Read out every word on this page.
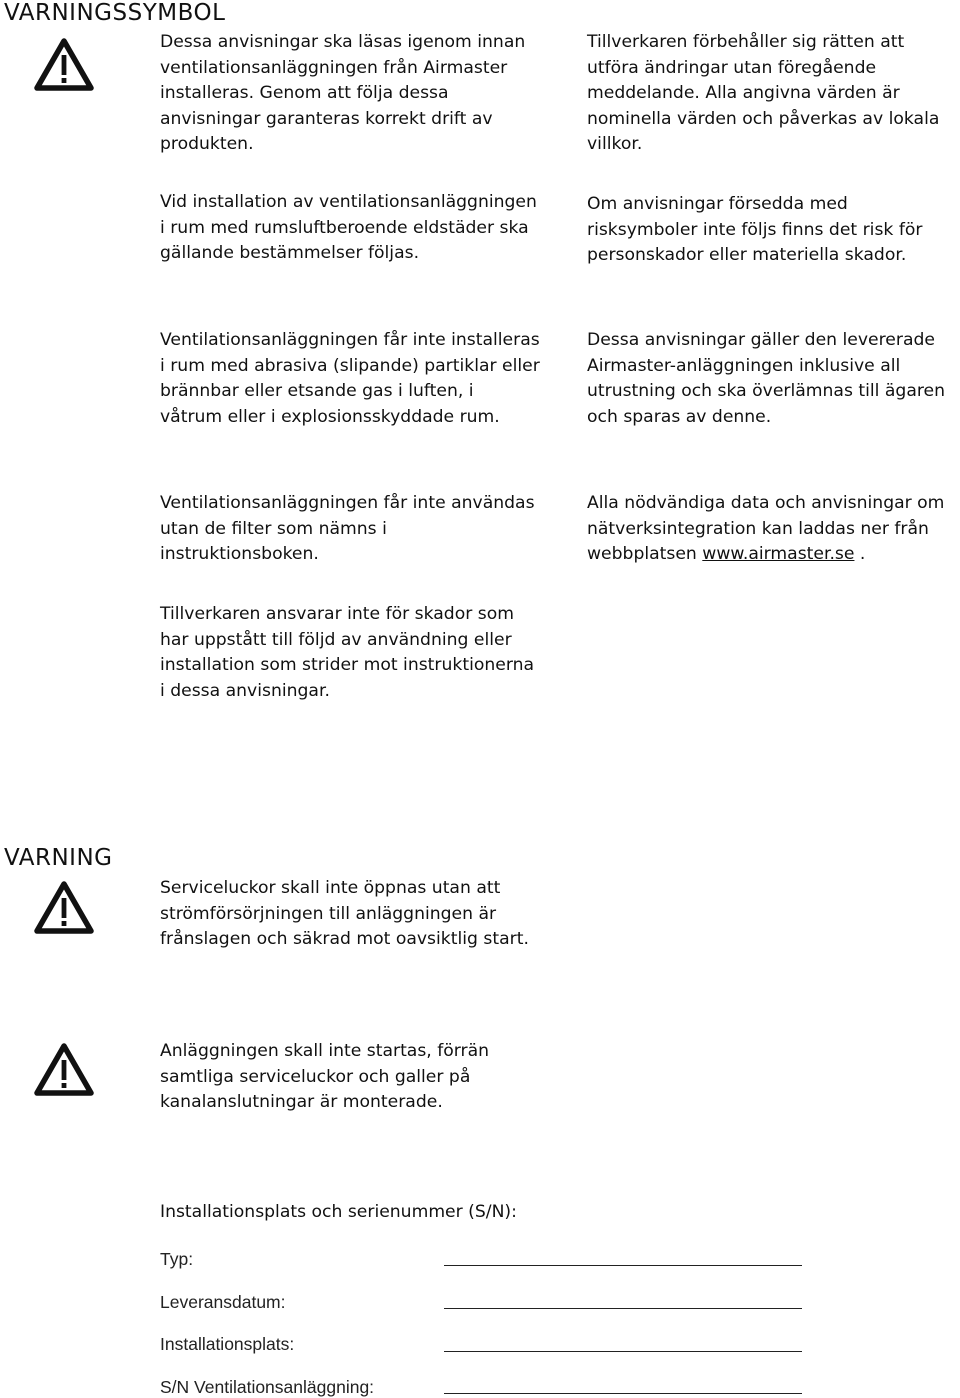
VARNINGSSYMBOL

Dessa anvisningar ska läsas igenom innan ventilationsanläggningen från Airmaster installeras. Genom att följa dessa anvisningar garanteras korrekt drift av produkten.

Tillverkaren förbehåller sig rätten att utföra ändringar utan föregående meddelande. Alla angivna värden är nominella värden och påverkas av lokala villkor.

Vid installation av ventilationsanläggningen i rum med rumsluftberoende eldstäder ska gällande bestämmelser följas.

Om anvisningar försedda med risksymboler inte följs finns det risk för personskador eller materiella skador.

Ventilationsanläggningen får inte installeras i rum med abrasiva (slipande) partiklar eller brännbar eller etsande gas i luften, i våtrum eller i explosionsskyddade rum.

Dessa anvisningar gäller den levererade Airmaster-anläggningen inklusive all utrustning och ska överlämnas till ägaren och sparas av denne.

Ventilationsanläggningen får inte användas utan de filter som nämns i instruktionsboken.

Alla nödvändiga data och anvisningar om nätverksintegration kan laddas ner från webbplatsen www.airmaster.se .

Tillverkaren ansvarar inte för skador som har uppstått till följd av användning eller installation som strider mot instruktionerna i dessa anvisningar.

VARNING

Serviceluckor skall inte öppnas utan att strömförsörjningen till anläggningen är frånslagen och säkrad mot oavsiktlig start.

Anläggningen skall inte startas, förrän samtliga serviceluckor och galler på kanalanslutningar är monterade.

Installationsplats och serienummer (S/N):
Typ:
Leveransdatum:
Installationsplats:
S/N Ventilationsanläggning:
